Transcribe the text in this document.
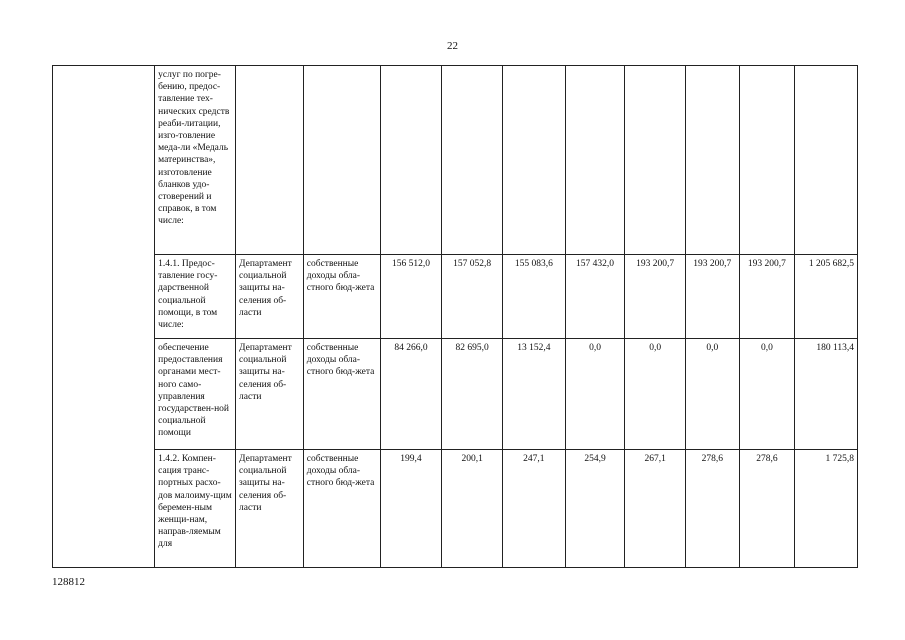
22
	услуг по погре-бению, предос-тавление тех-нических средств реаби-литации, изго-товление меда-ли «Медаль материнства», изготовление бланков удо-стоверений и справок, в том числе:										
	1.4.1. Предос-тавление госу-дарственной социальной помощи, в том числе:	Департамент социальной защиты на-селения об-ласти	собственные доходы обла-стного бюд-жета	156 512,0	157 052,8	155 083,6	157 432,0	193 200,7	193 200,7	193 200,7	1 205 682,5
	обеспечение предоставления органами мест-ного само-управления государствен-ной социальной помощи	Департамент социальной защиты на-селения об-ласти	собственные доходы обла-стного бюд-жета	84 266,0	82 695,0	13 152,4	0,0	0,0	0,0	0,0	180 113,4
	1.4.2. Компен-сация транс-портных расхо-дов малоиму-щим беремен-ным женщи-нам, направ-ляемым для	Департамент социальной защиты на-селения об-ласти	собственные доходы обла-стного бюд-жета	199,4	200,1	247,1	254,9	267,1	278,6	278,6	1 725,8
128812
